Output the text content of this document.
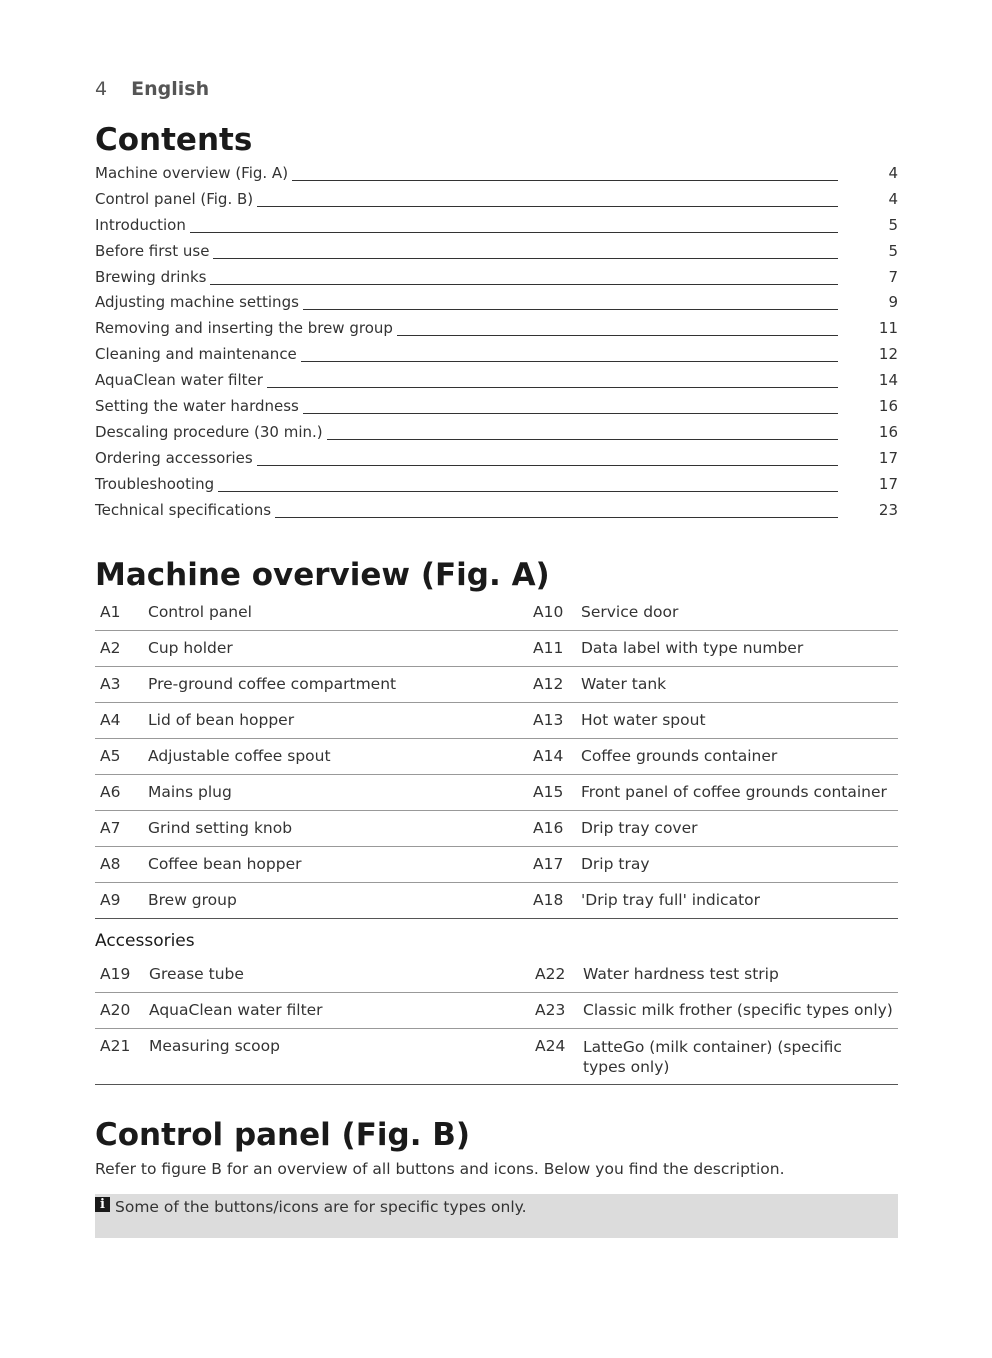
4 English
Contents
Machine overview (Fig. A)	4
Control panel (Fig. B)	4
Introduction	5
Before first use	5
Brewing drinks	7
Adjusting machine settings	9
Removing and inserting the brew group	11
Cleaning and maintenance	12
AquaClean water filter	14
Setting the water hardness	16
Descaling procedure (30 min.)	16
Ordering accessories	17
Troubleshooting	17
Technical specifications	23
Machine overview (Fig. A)
A1 Control panel	A10 Service door
A2 Cup holder	A11 Data label with type number
A3 Pre-ground coffee compartment	A12 Water tank
A4 Lid of bean hopper	A13 Hot water spout
A5 Adjustable coffee spout	A14 Coffee grounds container
A6 Mains plug	A15 Front panel of coffee grounds container
A7 Grind setting knob	A16 Drip tray cover
A8 Coffee bean hopper	A17 Drip tray
A9 Brew group	A18 'Drip tray full' indicator
Accessories
A19 Grease tube	A22 Water hardness test strip
A20 AquaClean water filter	A23 Classic milk frother (specific types only)
A21 Measuring scoop	A24 LatteGo (milk container) (specific types only)
Control panel (Fig. B)
Refer to figure B for an overview of all buttons and icons. Below you find the description.
i Some of the buttons/icons are for specific types only.
